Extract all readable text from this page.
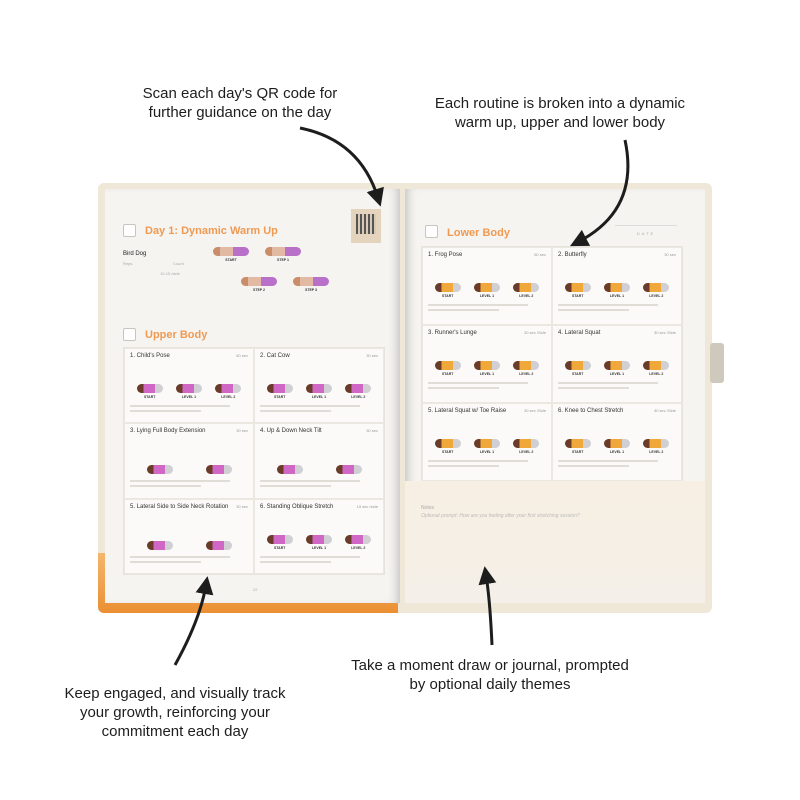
Scan each day's QR code for further guidance on the day
Each routine is broken into a dynamic warm up, upper and lower body
Keep engaged, and visually track your growth, reinforcing your commitment each day
Take a moment draw or journal, prompted by optional daily themes
Day 1: Dynamic Warm Up
Bird Dog
Reps	Count
10-15 /side
START	STEP 1
STEP 2	STEP 3
Upper Body
1. Child's Pose	60 sec
START	LEVEL 1	LEVEL 2
2. Cat Cow	30 sec
START	LEVEL 1	LEVEL 2
3. Lying Full Body Extension	30 sec 4. Up & Down Neck Tilt	30 sec
5. Lateral Side to Side Neck Rotation	30 sec 6. Standing Oblique Stretch	15 sec /side
START	LEVEL 1	LEVEL 2
22
Lower Body	DATE
1. Frog Pose	60 sec
START	LEVEL 1	LEVEL 2
2. Butterfly	30 sec
START	LEVEL 1	LEVEL 2
3. Runner's Lunge	30 sec /Side
START	LEVEL 1	LEVEL 2
4. Lateral Squat	30 sec /Side
START	LEVEL 1	LEVEL 2
5. Lateral Squat w/ Toe Raise	30 sec /Side
START	LEVEL 1	LEVEL 2
6. Knee to Chest Stretch	30 sec /Side
START	LEVEL 1	LEVEL 2
Notes
Optional prompt: How are you feeling after your first stretching session?
